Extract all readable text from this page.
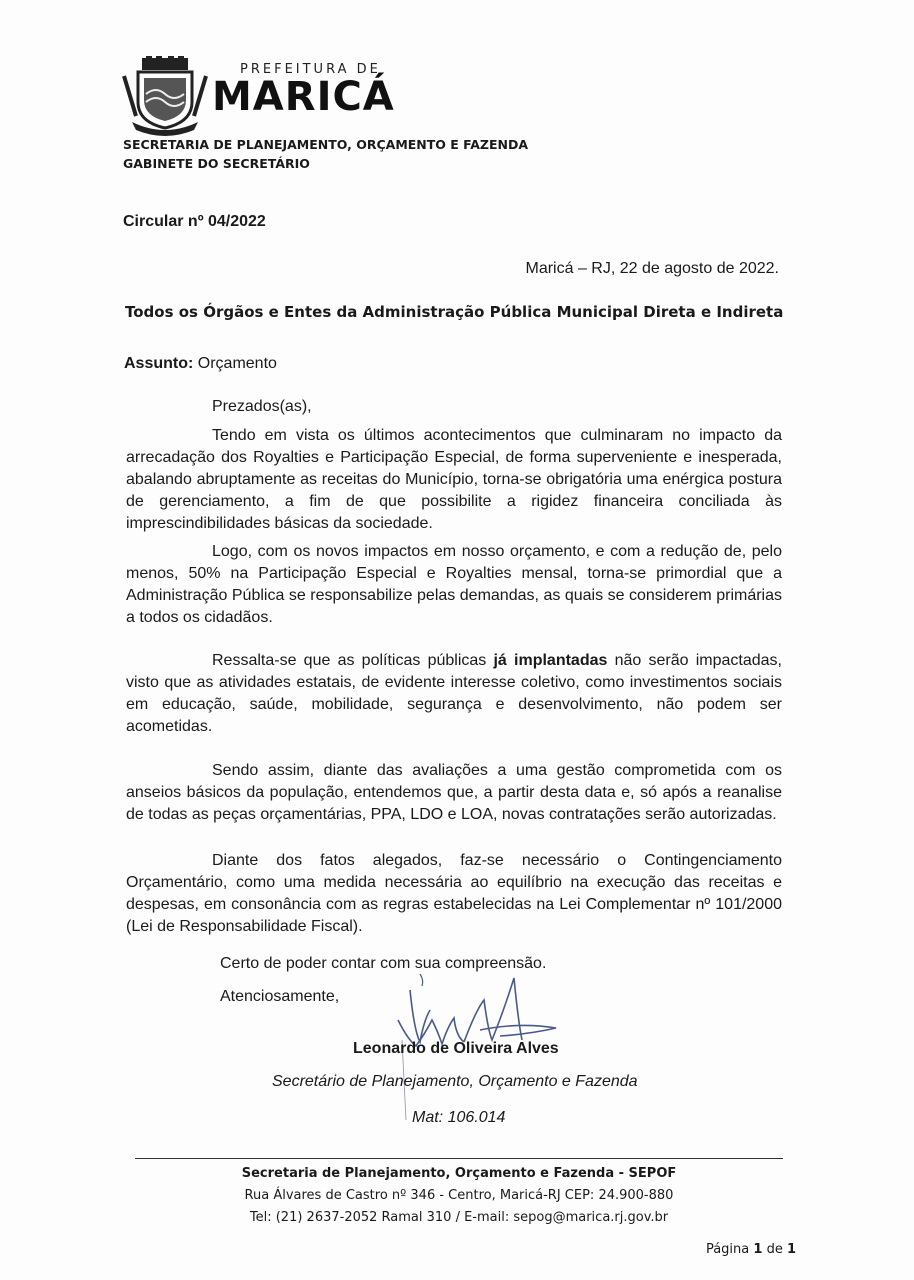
PREFEITURA DE
MARICÁ
SECRETARIA DE PLANEJAMENTO, ORÇAMENTO E FAZENDA
GABINETE DO SECRETÁRIO
Circular nº 04/2022
Maricá – RJ, 22 de agosto de 2022.
Todos os Órgãos e Entes da Administração Pública Municipal Direta e Indireta
Assunto: Orçamento
Prezados(as),

Tendo em vista os últimos acontecimentos que culminaram no impacto da arrecadação dos Royalties e Participação Especial, de forma superveniente e inesperada, abalando abruptamente as receitas do Município, torna-se obrigatória uma enérgica postura de gerenciamento, a fim de que possibilite a rigidez financeira conciliada às imprescindibilidades básicas da sociedade.

Logo, com os novos impactos em nosso orçamento, e com a redução de, pelo menos, 50% na Participação Especial e Royalties mensal, torna-se primordial que a Administração Pública se responsabilize pelas demandas, as quais se considerem primárias a todos os cidadãos.

Ressalta-se que as políticas públicas já implantadas não serão impactadas, visto que as atividades estatais, de evidente interesse coletivo, como investimentos sociais em educação, saúde, mobilidade, segurança e desenvolvimento, não podem ser acometidas.

Sendo assim, diante das avaliações a uma gestão comprometida com os anseios básicos da população, entendemos que, a partir desta data e, só após a reanalise de todas as peças orçamentárias, PPA, LDO e LOA, novas contratações serão autorizadas.

Diante dos fatos alegados, faz-se necessário o Contingenciamento Orçamentário, como uma medida necessária ao equilíbrio na execução das receitas e despesas, em consonância com as regras estabelecidas na Lei Complementar nº 101/2000 (Lei de Responsabilidade Fiscal).

Certo de poder contar com sua compreensão.
Atenciosamente,
Leonardo de Oliveira Alves
Secretário de Planejamento, Orçamento e Fazenda
Mat: 106.014
Secretaria de Planejamento, Orçamento e Fazenda - SEPOF
Rua Álvares de Castro nº 346 - Centro, Maricá-RJ CEP: 24.900-880
Tel: (21) 2637-2052 Ramal 310 / E-mail: sepog@marica.rj.gov.br
Página 1 de 1
